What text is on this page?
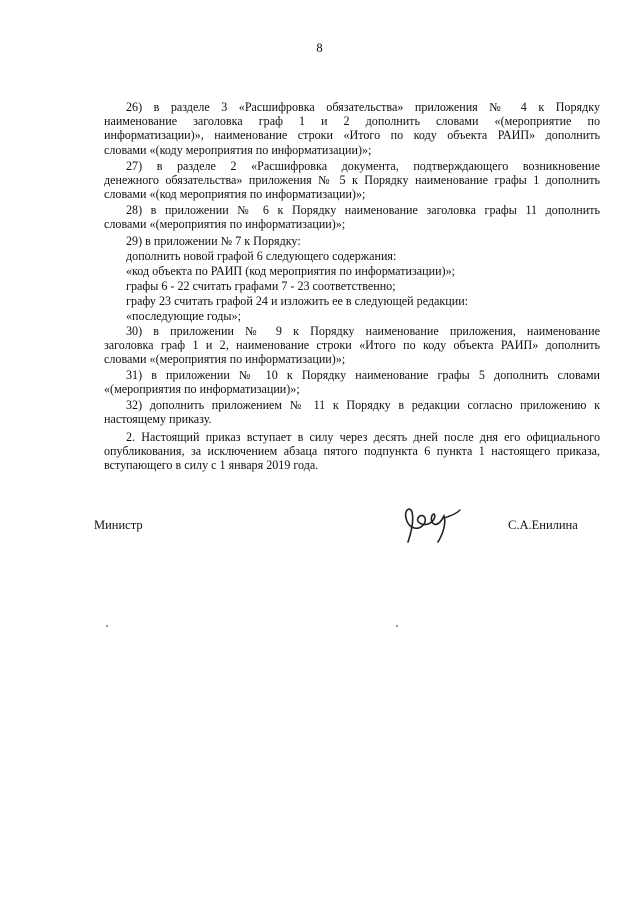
8
26) в разделе 3 «Расшифровка обязательства» приложения № 4 к Порядку
наименование заголовка граф 1 и 2 дополнить словами «(мероприятие по
информатизации)», наименование строки «Итого по коду объекта РАИП» дополнить
словами «(коду мероприятия по информатизации)»;
27) в разделе 2 «Расшифровка документа, подтверждающего возникновение
денежного обязательства» приложения № 5 к Порядку наименование графы 1 дополнить
словами «(код мероприятия по информатизации)»;
28) в приложении № 6 к Порядку наименование заголовка графы 11 дополнить
словами «(мероприятия по информатизации)»;
29) в приложении № 7 к Порядку:
дополнить новой графой 6 следующего содержания:
«код объекта по РАИП (код мероприятия по информатизации)»;
графы 6 - 22 считать графами 7 - 23 соответственно;
графу 23 считать графой 24 и изложить ее в следующей редакции:
«последующие годы»;
30) в приложении № 9 к Порядку наименование приложения, наименование
заголовка граф 1 и 2, наименование строки «Итого по коду объекта РАИП» дополнить
словами «(мероприятия по информатизации)»;
31) в приложении № 10 к Порядку наименование графы 5 дополнить словами
«(мероприятия по информатизации)»;
32) дополнить приложением № 11 к Порядку в редакции согласно приложению к
настоящему приказу.
2. Настоящий приказ вступает в силу через десять дней после дня его официального
опубликования, за исключением абзаца пятого подпункта 6 пункта 1 настоящего приказа,
вступающего в силу с 1 января 2019 года.
Министр	С.А.Енилина
